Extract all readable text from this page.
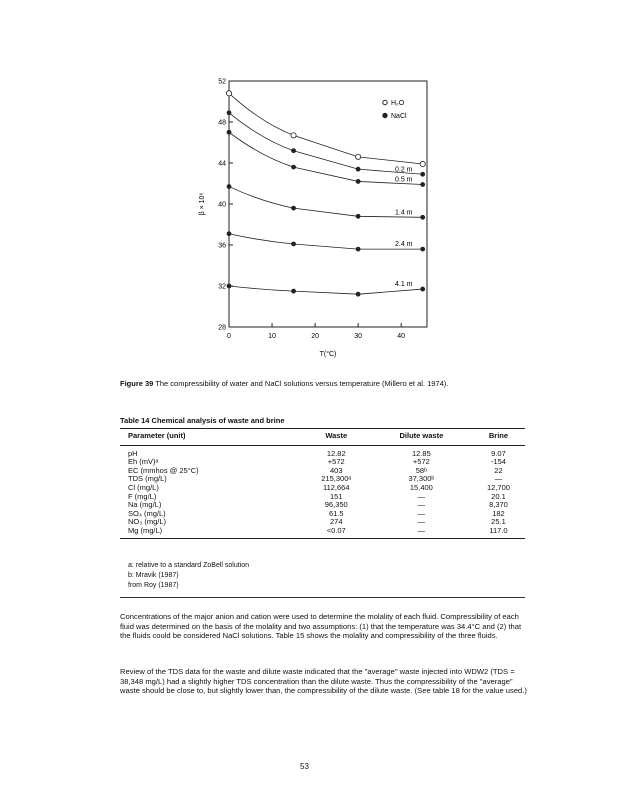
0	10	20	30	40
28
32
36
40
44
48
52
T(°C)
β × 10⁶
0.2 m
0.5 m
1.4 m
2.4 m
4.1 m
H₂O
NaCl
Figure 39 The compressibility of water and NaCl solutions versus temperature (Millero et al. 1974).
Table 14 Chemical analysis of waste and brine
Parameter (unit)	Waste	Dilute waste	Brine
pH	12.82	12.85	9.07
Eh (mV)ᵃ	+572	+572	-154
EC (mmhos @ 25°C)	403	58ᵇ	22
TDS (mg/L)	215,300ᵃ	37,300ᵇ	—
Cl (mg/L)	112,664	15,400	12,700
F (mg/L)	151	—	20.1
Na (mg/L)	96,350	—	8,370
SO₄ (mg/L)	61.5	—	182
NO₃ (mg/L)	274	—	25.1
Mg (mg/L)	<0.07	—	117.0
a: relative to a standard ZoBell solution
b: Mravik (1987)
from Roy (1987)
Concentrations of the major anion and cation were used to determine the molality of each fluid. Compressibility of each fluid was determined on the basis of the molality and two assumptions: (1) that the temperature was 34.4°C and (2) that the fluids could be considered NaCl solutions. Table 15 shows the molality and compressibility of the three fluids.
Review of the TDS data for the waste and dilute waste indicated that the "average" waste injected into WDW2 (TDS = 38,348 mg/L) had a slightly higher TDS concentration than the dilute waste. Thus the compressibility of the "average" waste should be close to, but slightly lower than, the compressibility of the dilute waste. (See table 18 for the value used.)
53
